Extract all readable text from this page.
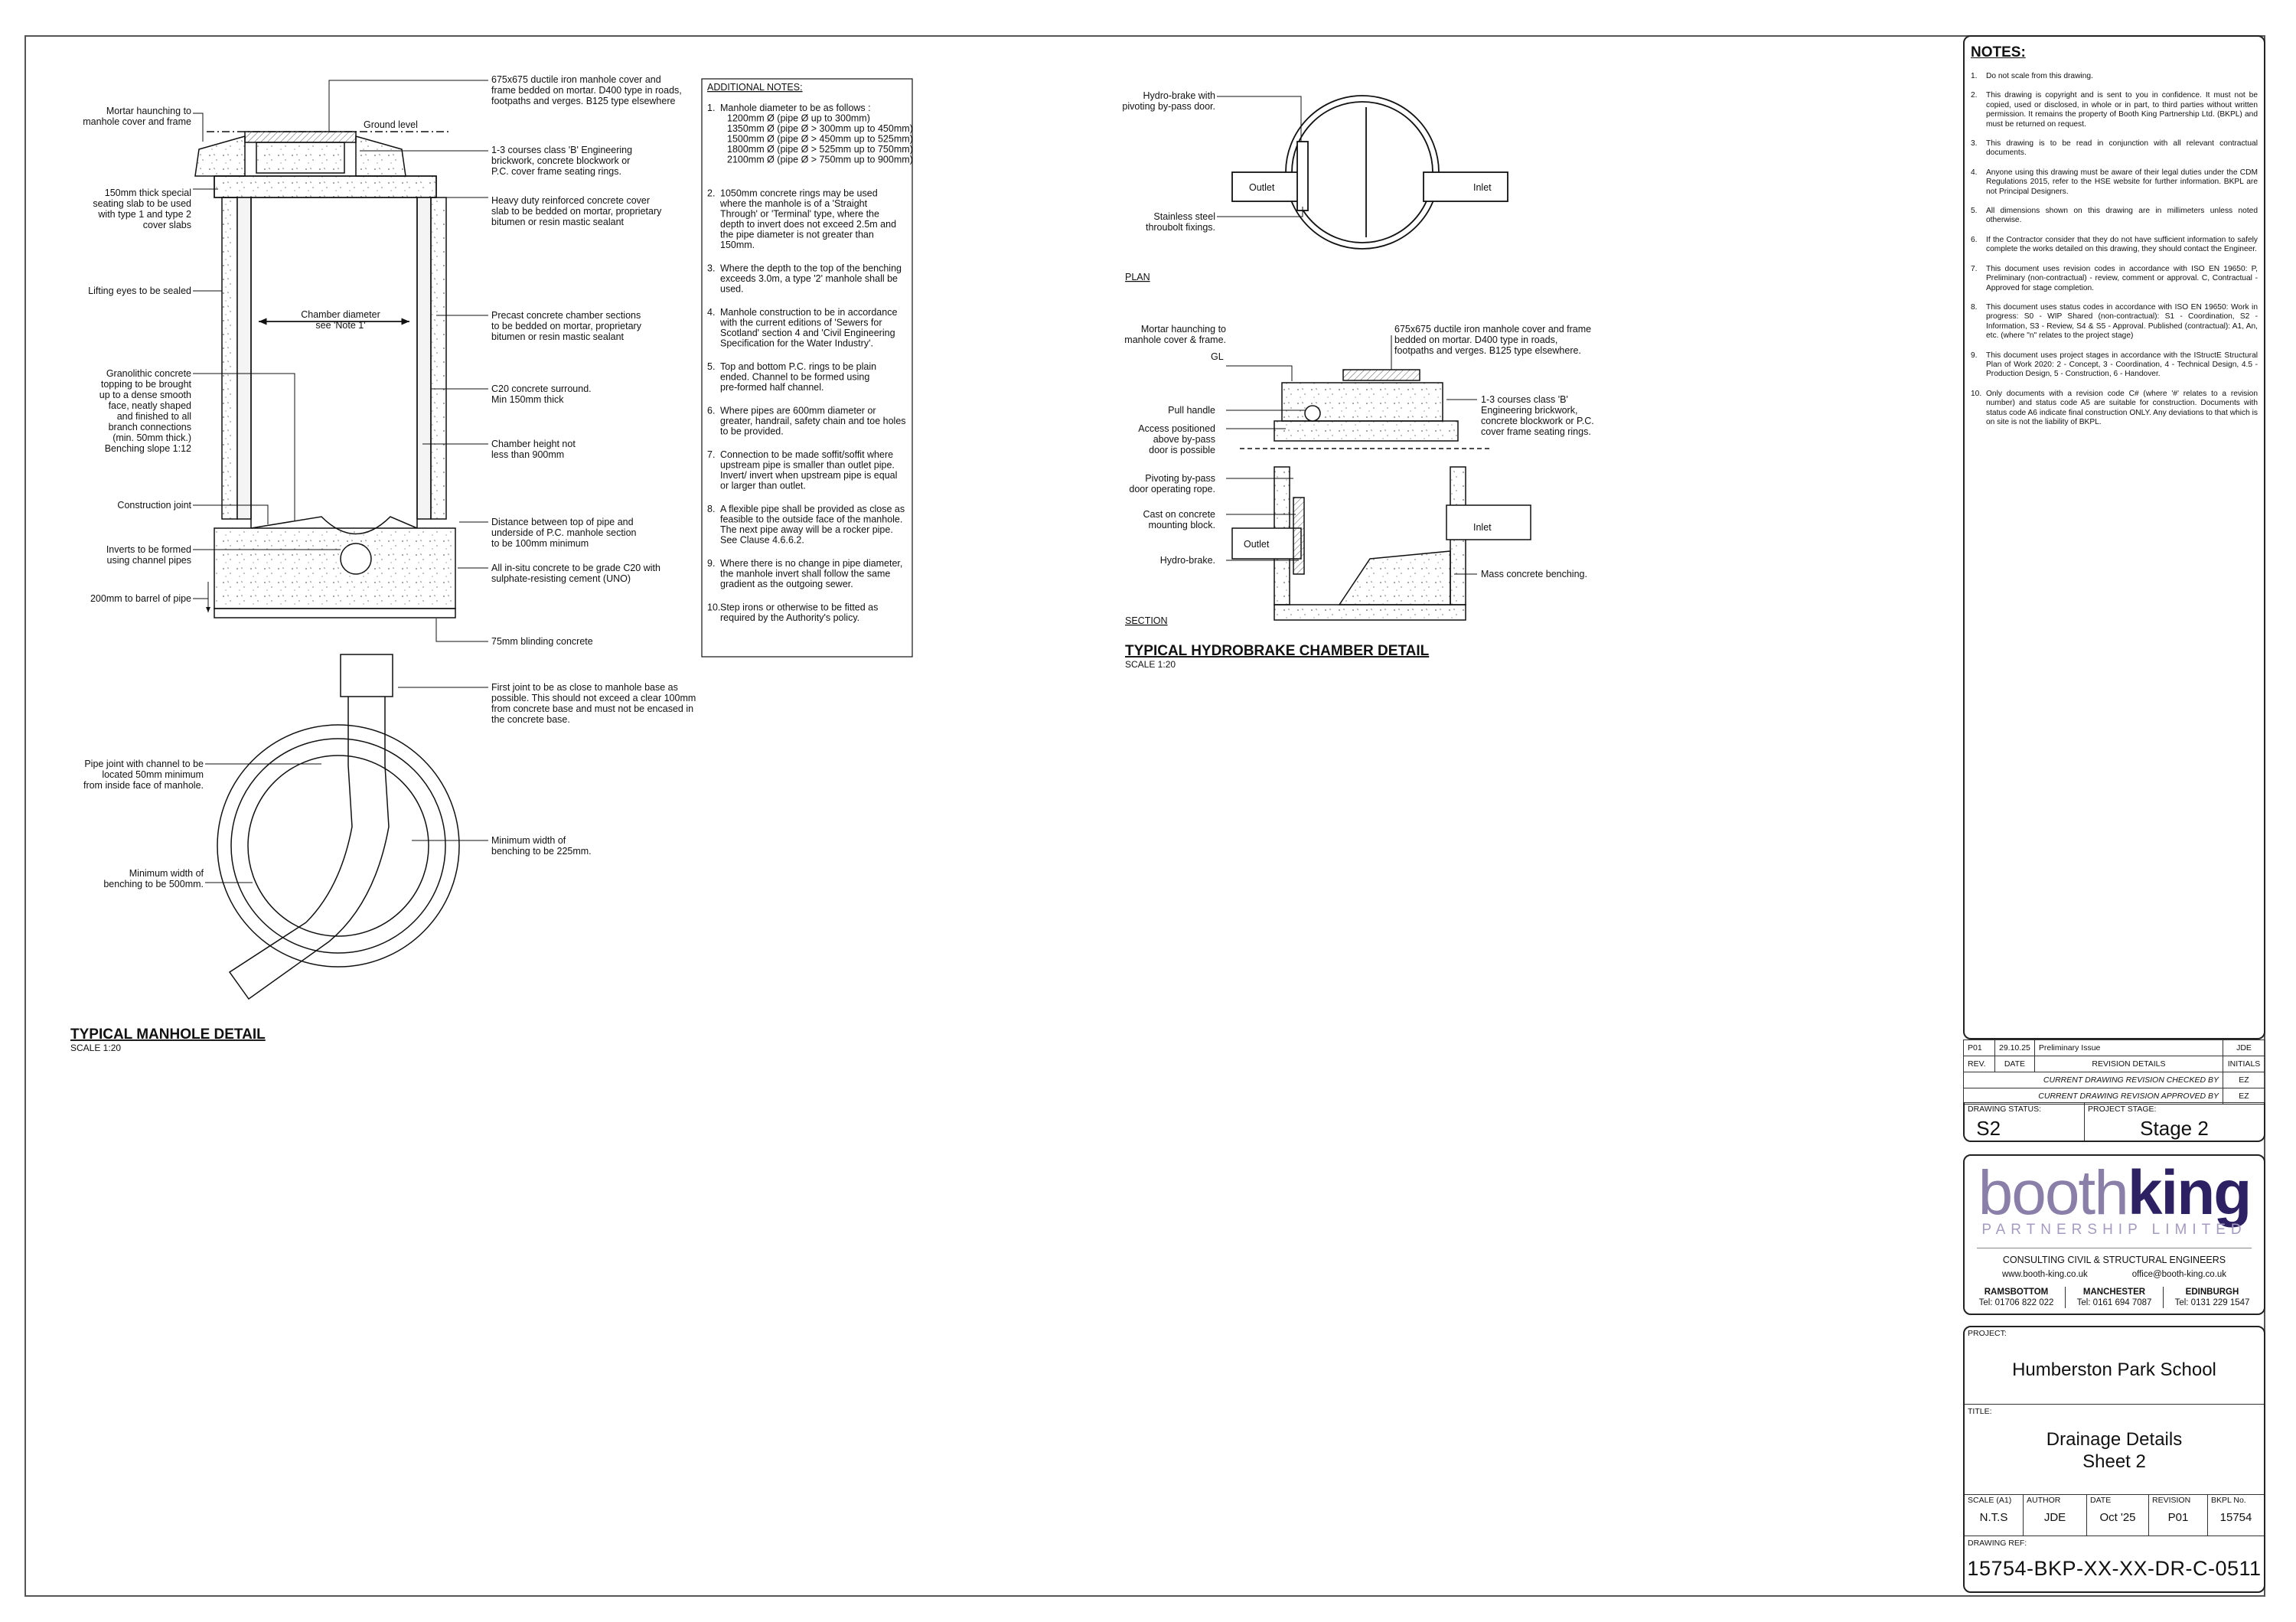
ADDITIONAL NOTES:
1. Manhole diameter to be as follows : 1200mm Ø (pipe Ø up to 300mm) 1350mm Ø (pipe Ø > 300mm up to 450mm) 1500mm Ø (pipe Ø > 450mm up to 525mm) 1800mm Ø (pipe Ø > 525mm up to 750mm) 2100mm Ø (pipe Ø > 750mm up to 900mm)
2. 1050mm concrete rings may be used where the manhole is of a 'Straight Through' or 'Terminal' type, where the depth to invert does not exceed 2.5m and the pipe diameter is not greater than 150mm.
3. Where the depth to the top of the benching exceeds 3.0m, a type '2' manhole shall be used.
4. Manhole construction to be in accordance with the current editions of 'Sewers for Scotland' section 4 and 'Civil Engineering Specification for the Water Industry'.
5. Top and bottom P.C. rings to be plain ended. Channel to be formed using pre-formed half channel.
6. Where pipes are 600mm diameter or greater, handrail, safety chain and toe holes to be provided.
7. Connection to be made soffit/soffit where upstream pipe is smaller than outlet pipe. Invert/ invert when upstream pipe is equal or larger than outlet.
8. A flexible pipe shall be provided as close as feasible to the outside face of the manhole. The next pipe away will be a rocker pipe. See Clause 4.6.6.2.
9. Where there is no change in pipe diameter, the manhole invert shall follow the same gradient as the outgoing sewer.
10. Step irons or otherwise to be fitted as required by the Authority's policy.
675x675 ductile iron manhole cover and frame bedded on mortar. D400 type in roads, footpaths and verges. B125 type elsewhere
Mortar haunching to manhole cover and frame	Ground level
1-3 courses class 'B' Engineering brickwork, concrete blockwork or P.C. cover frame seating rings.
150mm thick special seating slab to be used with type 1 and type 2 cover slabs
Heavy duty reinforced concrete cover slab to be bedded on mortar, proprietary bitumen or resin mastic sealant
Lifting eyes to be sealed
Chamber diameter see 'Note 1'
Precast concrete chamber sections to be bedded on mortar, proprietary bitumen or resin mastic sealant
Granolithic concrete topping to be brought up to a dense smooth face, neatly shaped and finished to all branch connections (min. 50mm thick.) Benching slope 1:12
C20 concrete surround. Min 150mm thick
Chamber height not less than 900mm
Construction joint
Distance between top of pipe and underside of P.C. manhole section to be 100mm minimum
Inverts to be formed using channel pipes
All in-situ concrete to be grade C20 with sulphate-resisting cement (UNO)
200mm to barrel of pipe
75mm blinding concrete
First joint to be as close to manhole base as possible. This should not exceed a clear 100mm from concrete base and must not be encased in the concrete base.
Pipe joint with channel to be located 50mm minimum from inside face of manhole.
Minimum width of benching to be 225mm.
Minimum width of benching to be 500mm.
TYPICAL MANHOLE DETAIL
SCALE 1:20
Hydro-brake with pivoting by-pass door.
Outlet	Inlet
Stainless steel throubolt fixings.
PLAN
Mortar haunching to manhole cover & frame.
GL
675x675 ductile iron manhole cover and frame bedded on mortar. D400 type in roads, footpaths and verges. B125 type elsewhere.
Pull handle
1-3 courses class 'B' Engineering brickwork, concrete blockwork or P.C. cover frame seating rings.
Access positioned above by-pass door is possible
Pivoting by-pass door operating rope.
Cast on concrete mounting block.	Inlet
Outlet
Hydro-brake.
Mass concrete benching.
SECTION
TYPICAL HYDROBRAKE CHAMBER DETAIL
SCALE 1:20
NOTES:
1.	Do not scale from this drawing.
2.	This drawing is copyright and is sent to you in confidence. It must not be copied, used or disclosed, in whole or in part, to third parties without written permission. It remains the property of Booth King Partnership Ltd. (BKPL) and must be returned on request.
3.	This drawing is to be read in conjunction with all relevant contractual documents.
4.	Anyone using this drawing must be aware of their legal duties under the CDM Regulations 2015, refer to the HSE website for further information. BKPL are not Principal Designers.
5.	All dimensions shown on this drawing are in millimeters unless noted otherwise.
6.	If the Contractor consider that they do not have sufficient information to safely complete the works detailed on this drawing, they should contact the Engineer.
7.	This document uses revision codes in accordance with ISO EN 19650: P, Preliminary (non-contractual) - review, comment or approval. C, Contractual - Approved for stage completion.
8.	This document uses status codes in accordance with ISO EN 19650: Work in progress: S0 - WIP Shared (non-contractual): S1 - Coordination, S2 - Information, S3 - Review, S4 & S5 - Approval. Published (contractual): A1, An, etc. (where "n" relates to the project stage)
9.	This document uses project stages in accordance with the IStructE Structural Plan of Work 2020: 2 - Concept, 3 - Coordination, 4 - Technical Design, 4.5 - Production Design, 5 - Construction, 6 - Handover.
10. Only documents with a revision code C# (where '#' relates to a revision number) and status code A5 are suitable for construction. Documents with status code A6 indicate final construction ONLY. Any deviations to that which is on site is not the liability of BKPL.
P01	29.10.25	Preliminary Issue	JDE
REV.	DATE	REVISION DETAILS	INITIALS
CURRENT DRAWING REVISION CHECKED BY			EZ
CURRENT DRAWING REVISION APPROVED BY			EZ
DRAWING STATUS:
S2
PROJECT STAGE:
Stage 2
boothking
PARTNERSHIP LIMITED
CONSULTING CIVIL & STRUCTURAL ENGINEERS
www.booth-king.co.uk	office@booth-king.co.uk
RAMSBOTTOM
Tel: 01706 822 022
MANCHESTER
Tel: 0161 694 7087
EDINBURGH
Tel: 0131 229 1547
PROJECT:
Humberston Park School
TITLE:
Drainage Details
Sheet 2
SCALE (A1)
N.T.S
AUTHOR
JDE
DATE
Oct '25
REVISION
P01
BKPL No.
15754
DRAWING REF:
15754-BKP-XX-XX-DR-C-0511
